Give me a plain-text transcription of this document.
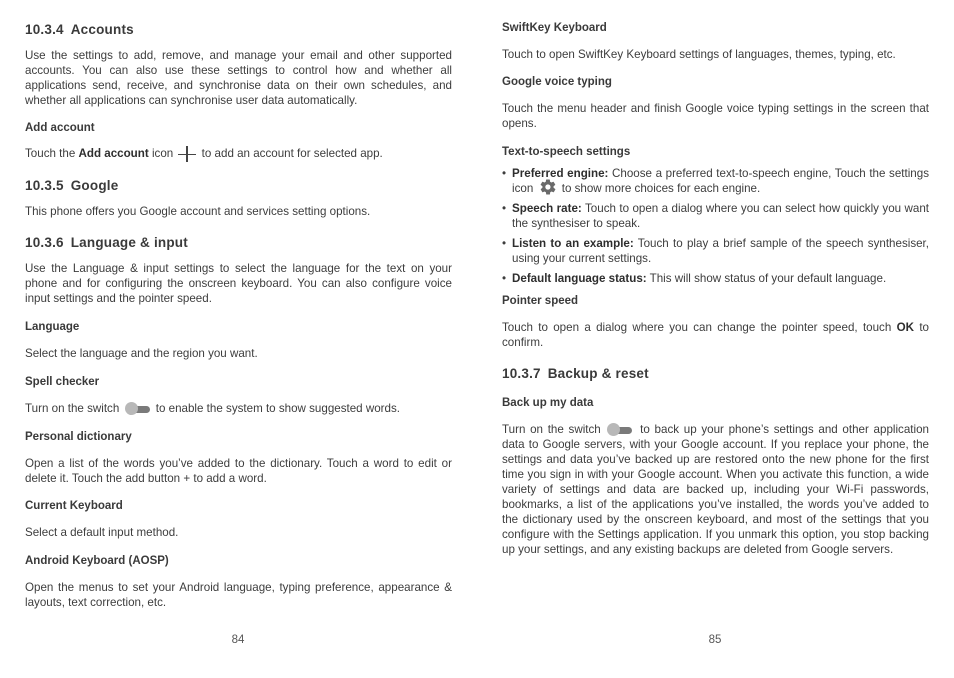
10.3.4 Accounts

Use the settings to add, remove, and manage your email and other supported accounts. You can also use these settings to control how and whether all applications send, receive, and synchronise data on their own schedules, and whether all applications can synchronise user data automatically.

Add account

Touch the Add account icon  to add an account for selected app.

10.3.5 Google

This phone offers you Google account and services setting options.

10.3.6 Language & input

Use the Language & input settings to select the language for the text on your phone and for configuring the onscreen keyboard. You can also configure voice input settings and the pointer speed.

Language

Select the language and the region you want.

Spell checker

Turn on the switch	to enable the system to show suggested words.

Personal dictionary

Open a list of the words you’ve added to the dictionary. Touch a word to edit or delete it. Touch the add button + to add a word.

Current Keyboard

Select a default input method.

Android Keyboard (AOSP)

Open the menus to set your Android language, typing preference, appearance & layouts, text correction, etc.

84
SwiftKey Keyboard

Touch to open SwiftKey Keyboard settings of languages, themes, typing, etc.

Google voice typing

Touch the menu header and finish Google voice typing settings in the screen that opens.

Text-to-speech settings
• Preferred engine: Choose a preferred text-to-speech engine, Touch the settings icon  to show more choices for each engine.
• Speech rate: Touch to open a dialog where you can select how quickly you want the synthesiser to speak.
• Listen to an example: Touch to play a brief sample of the speech synthesiser, using your current settings.
• Default language status: This will show status of your default language.
Pointer speed

Touch to open a dialog where you can change the pointer speed, touch OK to confirm.

10.3.7 Backup & reset
Back up my data

Turn on the switch	to back up your phone’s settings and other application data to Google servers, with your Google account. If you replace your phone, the settings and data you’ve backed up are restored onto the new phone for the first time you sign in with your Google account. When you activate this function, a wide variety of settings and data are backed up, including your Wi-Fi passwords, bookmarks, a list of the applications you’ve installed, the words you’ve added to the dictionary used by the onscreen keyboard, and most of the settings that you configure with the Settings application. If you unmark this option, you stop backing up your settings, and any existing backups are deleted from Google servers.

85
